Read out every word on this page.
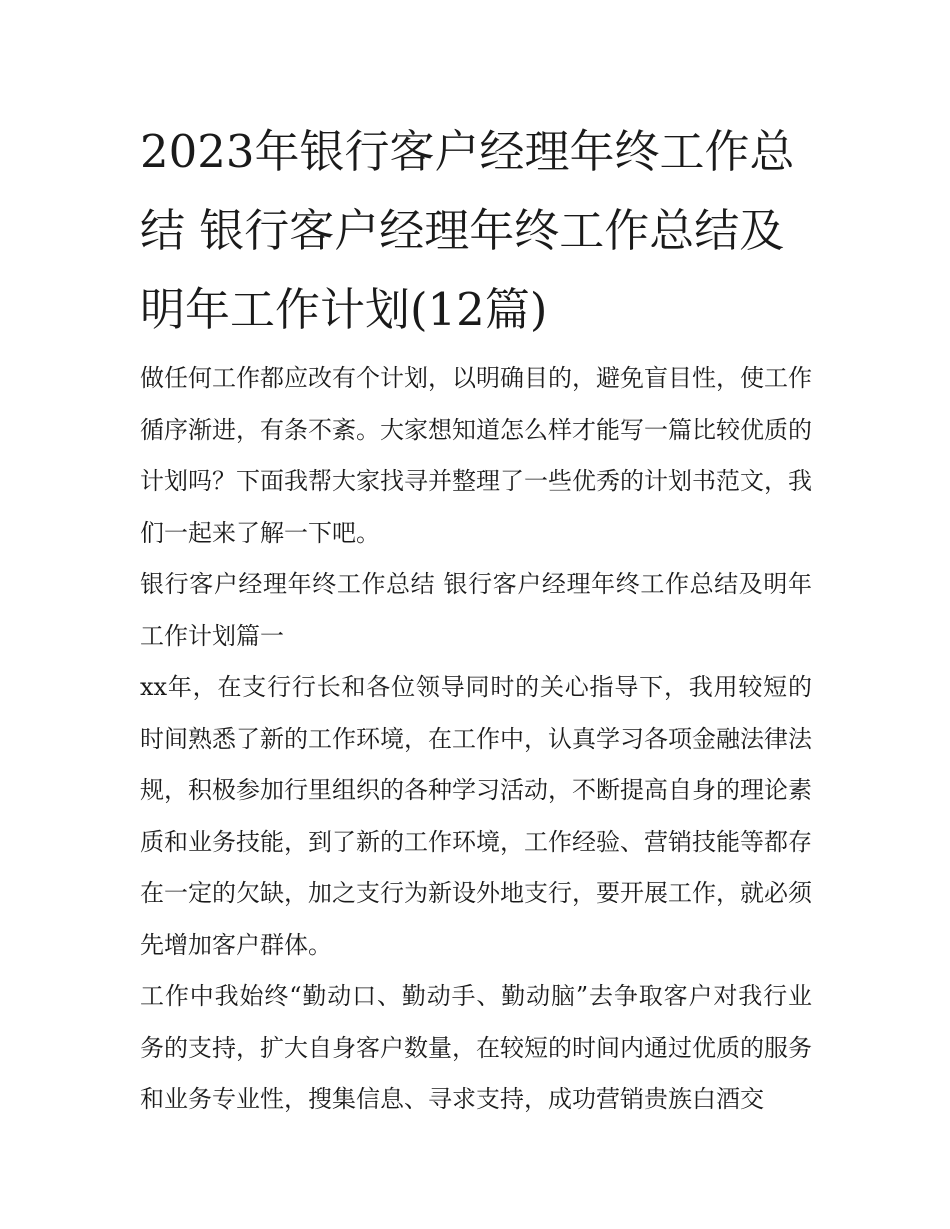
2023年银行客户经理年终工作总结 银行客户经理年终工作总结及明年工作计划(12篇)

做任何工作都应改有个计划，以明确目的，避免盲目性，使工作循序渐进，有条不紊。大家想知道怎么样才能写一篇比较优质的计划吗？下面我帮大家找寻并整理了一些优秀的计划书范文，我们一起来了解一下吧。

银行客户经理年终工作总结 银行客户经理年终工作总结及明年工作计划篇一

xx年，在支行行长和各位领导同时的关心指导下，我用较短的时间熟悉了新的工作环境，在工作中，认真学习各项金融法律法规，积极参加行里组织的各种学习活动，不断提高自身的理论素质和业务技能，到了新的工作环境，工作经验、营销技能等都存在一定的欠缺，加之支行为新设外地支行，要开展工作，就必须先增加客户群体。

工作中我始终“勤动口、勤动手、勤动脑”去争取客户对我行业务的支持，扩大自身客户数量，在较短的时间内通过优质的服务和业务专业性，搜集信息、寻求支持，成功营销贵族白酒交
